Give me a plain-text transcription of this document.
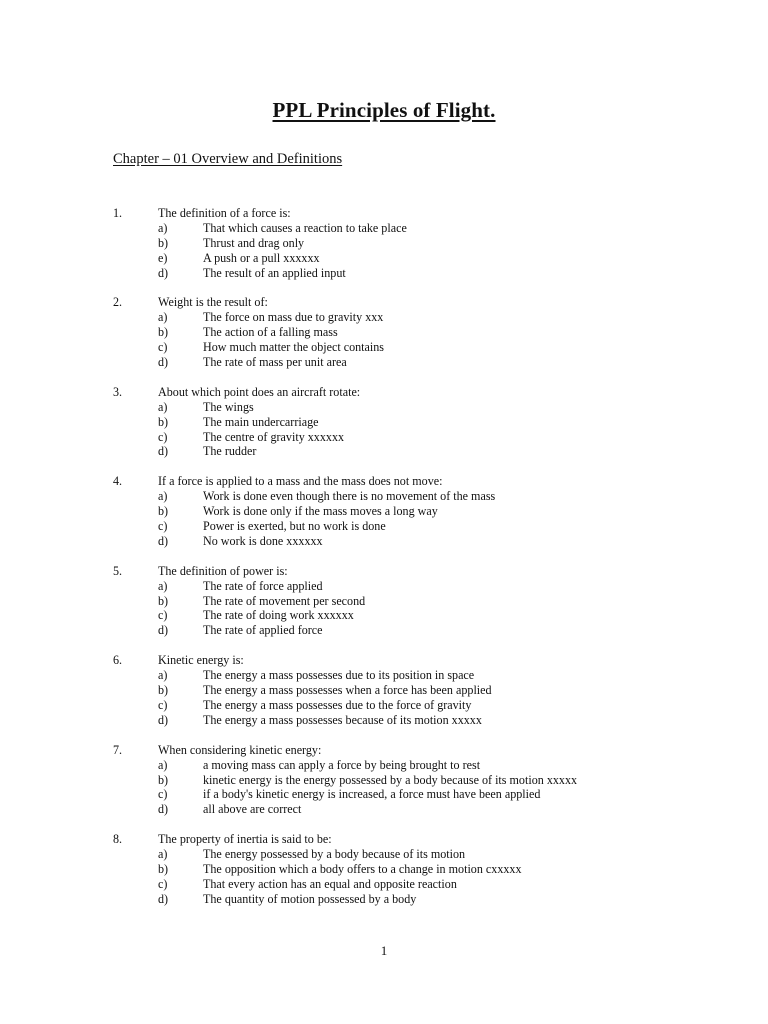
PPL Principles of Flight.
Chapter – 01 Overview and Definitions
1.	The definition of a force is:
a)	That which causes a reaction to take place
b)	Thrust and drag only
e)	A push or a pull xxxxxx
d)	The result of an applied input
2.	Weight is the result of:
a)	The force on mass due to gravity xxx
b)	The action of a falling mass
c)	How much matter the object contains
d)	The rate of mass per unit area
3.	About which point does an aircraft rotate:
a)	The wings
b)	The main undercarriage
c)	The centre of gravity xxxxxx
d)	The rudder
4.	If a force is applied to a mass and the mass does not move:
a)	Work is done even though there is no movement of the mass
b)	Work is done only if the mass moves a long way
c)	Power is exerted, but no work is done
d)	No work is done xxxxxx
5.	The definition of power is:
a)	The rate of force applied
b)	The rate of movement per second
c)	The rate of doing work xxxxxx
d)	The rate of applied force
6.	Kinetic energy is:
a)	The energy a mass possesses due to its position in space
b)	The energy a mass possesses when a force has been applied
c)	The energy a mass possesses due to the force of gravity
d)	The energy a mass possesses because of its motion xxxxx
7.	When considering kinetic energy:
a)	a moving mass can apply a force by being brought to rest
b)	kinetic energy is the energy possessed by a body because of its motion xxxxx
c)	if a body's kinetic energy is increased, a force must have been applied
d)	all above are correct
8.	The property of inertia is said to be:
a)	The energy possessed by a body because of its motion
b)	The opposition which a body offers to a change in motion cxxxxx
c)	That every action has an equal and opposite reaction
d)	The quantity of motion possessed by a body
1
